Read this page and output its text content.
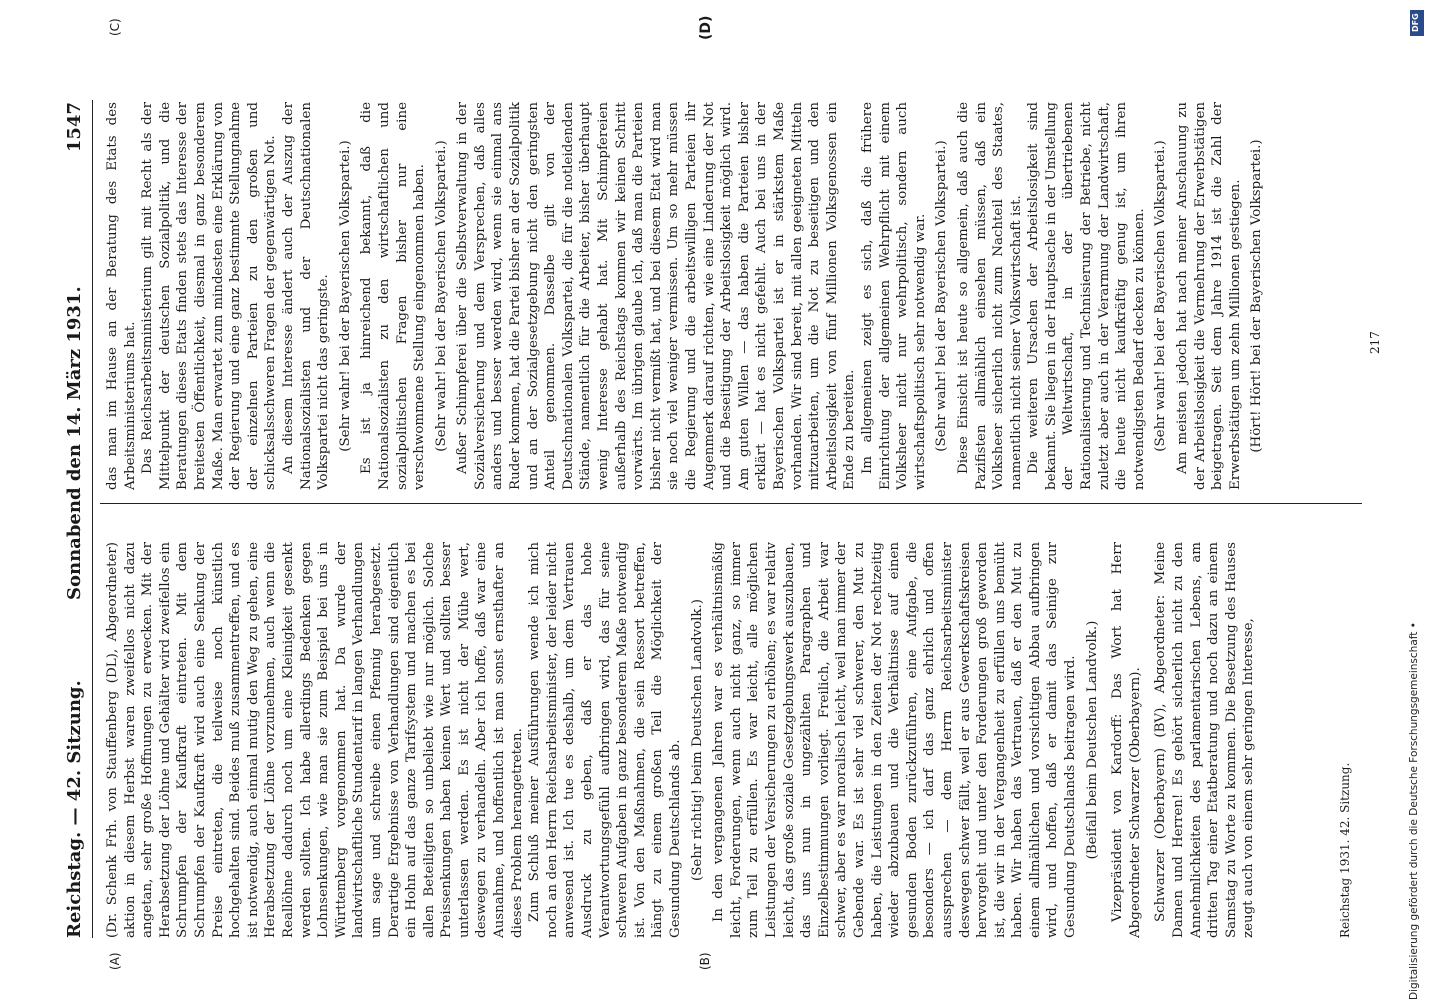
Reichstag. — 42. Sitzung.
Sonnabend den 14. März 1931.
1547
(A)	(B)
(C)	(D)

(Dr. Schenk Frh. von Stauffenberg (DL), Abgeordneter) aktion in diesem Herbst waren zweifellos nicht dazu angetan, sehr große Hoffnungen zu erwecken. Mit der Herabsetzung der Löhne und Gehälter wird zweifellos ein Schrumpfen der Kaufkraft eintreten. Mit dem Schrumpfen der Kaufkraft wird auch eine Senkung der Preise eintreten, die teilweise noch künstlich hochgehalten sind. Beides muß zusammentreffen, und es ist notwendig, auch einmal mutig den Weg zu gehen, eine Herabsetzung der Löhne vorzunehmen, auch wenn die Reallöhne dadurch noch um eine Kleinigkeit gesenkt werden sollten. Ich habe allerdings Bedenken gegen Lohnsenkungen, wie man sie zum Beispiel bei uns in Württemberg vorgenommen hat. Da wurde der landwirtschaftliche Stundentarif in langen Verhandlungen um sage und schreibe einen Pfennig herabgesetzt. Derartige Ergebnisse von Verhandlungen sind eigentlich ein Hohn auf das ganze Tarifsystem und machen es bei allen Beteiligten so unbeliebt wie nur möglich. Solche Preissenkungen haben keinen Wert und sollten besser unterlassen werden. Es ist nicht der Mühe wert, deswegen zu verhandeln. Aber ich hoffe, daß war eine Ausnahme, und hoffentlich ist man sonst ernsthafter an dieses Problem herangetreten. Zum Schluß meiner Ausführungen wende ich mich noch an den Herrn Reichsarbeitsminister, der leider nicht anwesend ist. Ich tue es deshalb, um dem Vertrauen Ausdruck zu geben, daß er das hohe Verantwortungsgefühl aufbringen wird, das für seine schweren Aufgaben in ganz besonderem Maße notwendig ist. Von den Maßnahmen, die sein Ressort betreffen, hängt zu einem großen Teil die Möglichkeit der Gesundung Deutschlands ab. (Sehr richtig! beim Deutschen Landvolk.) In den vergangenen Jahren war es verhältnismäßig leicht, Forderungen, wenn auch nicht ganz, so immer zum Teil zu erfüllen. Es war leicht, alle möglichen Leistungen der Versicherungen zu erhöhen; es war relativ leicht, das große soziale Gesetzgebungswerk auszubauen, das uns nun in ungezählten Paragraphen und Einzelbestimmungen vorliegt. Freilich, die Arbeit war schwer, aber es war moralisch leicht, weil man immer der Gebende war. Es ist sehr viel schwerer, den Mut zu haben, die Leistungen in den Zeiten der Not rechtzeitig wieder abzubauen und die Verhältnisse auf einen gesunden Boden zurückzuführen, eine Aufgabe, die besonders — ich darf das ganz ehrlich und offen aussprechen — dem Herrn Reichsarbeitsminister deswegen schwer fällt, weil er aus Gewerkschaftskreisen hervorgeht und unter den Forderungen groß geworden ist, die wir in der Vergangenheit zu erfüllen uns bemüht haben. Wir haben das Vertrauen, daß er den Mut zu einem allmählichen und vorsichtigen Abbau aufbringen wird, und hoffen, daß er damit das Seinige zur Gesundung Deutschlands beitragen wird. (Beifall beim Deutschen Landvolk.) Vizepräsident von Kardorff: Das Wort hat Herr Abgeordneter Schwarzer (Oberbayern). Schwarzer (Oberbayern) (BV), Abgeordneter: Meine Damen und Herren! Es gehört sicherlich nicht zu den Annehmlichkeiten des parlamentarischen Lebens, am dritten Tag einer Etatberatung und noch dazu an einem Samstag zu Worte zu kommen. Die Besetzung des Hauses zeugt auch von einem sehr geringen Interesse,

das man im Hause an der Beratung des Etats des Arbeitsministeriums hat. Das Reichsarbeitsministerium gilt mit Recht als der Mittelpunkt der deutschen Sozialpolitik, und die Beratungen dieses Etats finden stets das Interesse der breitesten Öffentlichkeit, diesmal in ganz besonderem Maße. Man erwartet zum mindesten eine Erklärung von der Regierung und eine ganz bestimmte Stellungnahme der einzelnen Parteien zu den großen und schicksalsschweren Fragen der gegenwärtigen Not. An diesem Interesse ändert auch der Auszug der Nationalsozialisten und der Deutschnationalen Volkspartei nicht das geringste. (Sehr wahr! bei der Bayerischen Volkspartei.) Es ist ja hinreichend bekannt, daß die Nationalsozialisten zu den wirtschaftlichen und sozialpolitischen Fragen bisher nur eine verschwommene Stellung eingenommen haben. (Sehr wahr! bei der Bayerischen Volkspartei.) Außer Schimpferei über die Selbstverwaltung in der Sozialversicherung und dem Versprechen, daß alles anders und besser werden wird, wenn sie einmal ans Ruder kommen, hat die Partei bisher an der Sozialpolitik und an der Sozialgesetzgebung nicht den geringsten Anteil genommen. Dasselbe gilt von der Deutschnationalen Volkspartei, die für die notleidenden Stände, namentlich für die Arbeiter, bisher überhaupt wenig Interesse gehabt hat. Mit Schimpfereien außerhalb des Reichstags kommen wir keinen Schritt vorwärts. Im übrigen glaube ich, daß man die Parteien bisher nicht vermißt hat, und bei diesem Etat wird man sie noch viel weniger vermissen. Um so mehr müssen die Regierung und die arbeitswilligen Parteien ihr Augenmerk darauf richten, wie eine Linderung der Not und die Beseitigung der Arbeitslosigkeit möglich wird. Am guten Willen — das haben die Parteien bisher erklärt — hat es nicht gefehlt. Auch bei uns in der Bayerischen Volkspartei ist er in stärkstem Maße vorhanden. Wir sind bereit, mit allen geeigneten Mitteln mitzuarbeiten, um die Not zu beseitigen und den Arbeitslosigkeit von fünf Millionen Volksgenossen ein Ende zu bereiten. Im allgemeinen zeigt es sich, daß die frühere Einrichtung der allgemeinen Wehrpflicht mit einem Volksheer nicht nur wehrpolitisch, sondern auch wirtschaftspolitisch sehr notwendig war. (Sehr wahr! bei der Bayerischen Volkspartei.) Diese Einsicht ist heute so allgemein, daß auch die Pazifisten allmählich einsehen müssen, daß ein Volksheer sicherlich nicht zum Nachteil des Staates, namentlich nicht seiner Volkswirtschaft ist. Die weiteren Ursachen der Arbeitslosigkeit sind bekannt. Sie liegen in der Hauptsache in der Umstellung der Weltwirtschaft, in der übertriebenen Rationalisierung und Technisierung der Betriebe, nicht zuletzt aber auch in der Verarmung der Landwirtschaft, die heute nicht kaufkräftig genug ist, um ihren notwendigsten Bedarf decken zu können. (Sehr wahr! bei der Bayerischen Volkspartei.) Am meisten jedoch hat nach meiner Anschauung zu der Arbeitslosigkeit die Vermehrung der Erwerbstätigen beigetragen. Seit dem Jahre 1914 ist die Zahl der Erwerbstätigen um zehn Millionen gestiegen. (Hört! Hört! bei der Bayerischen Volkspartei.)

Reichstag 1931. 42. Sitzung.
217
Digitalisierung gefördert durch die Deutsche Forschungsgemeinschaft •
DFG
